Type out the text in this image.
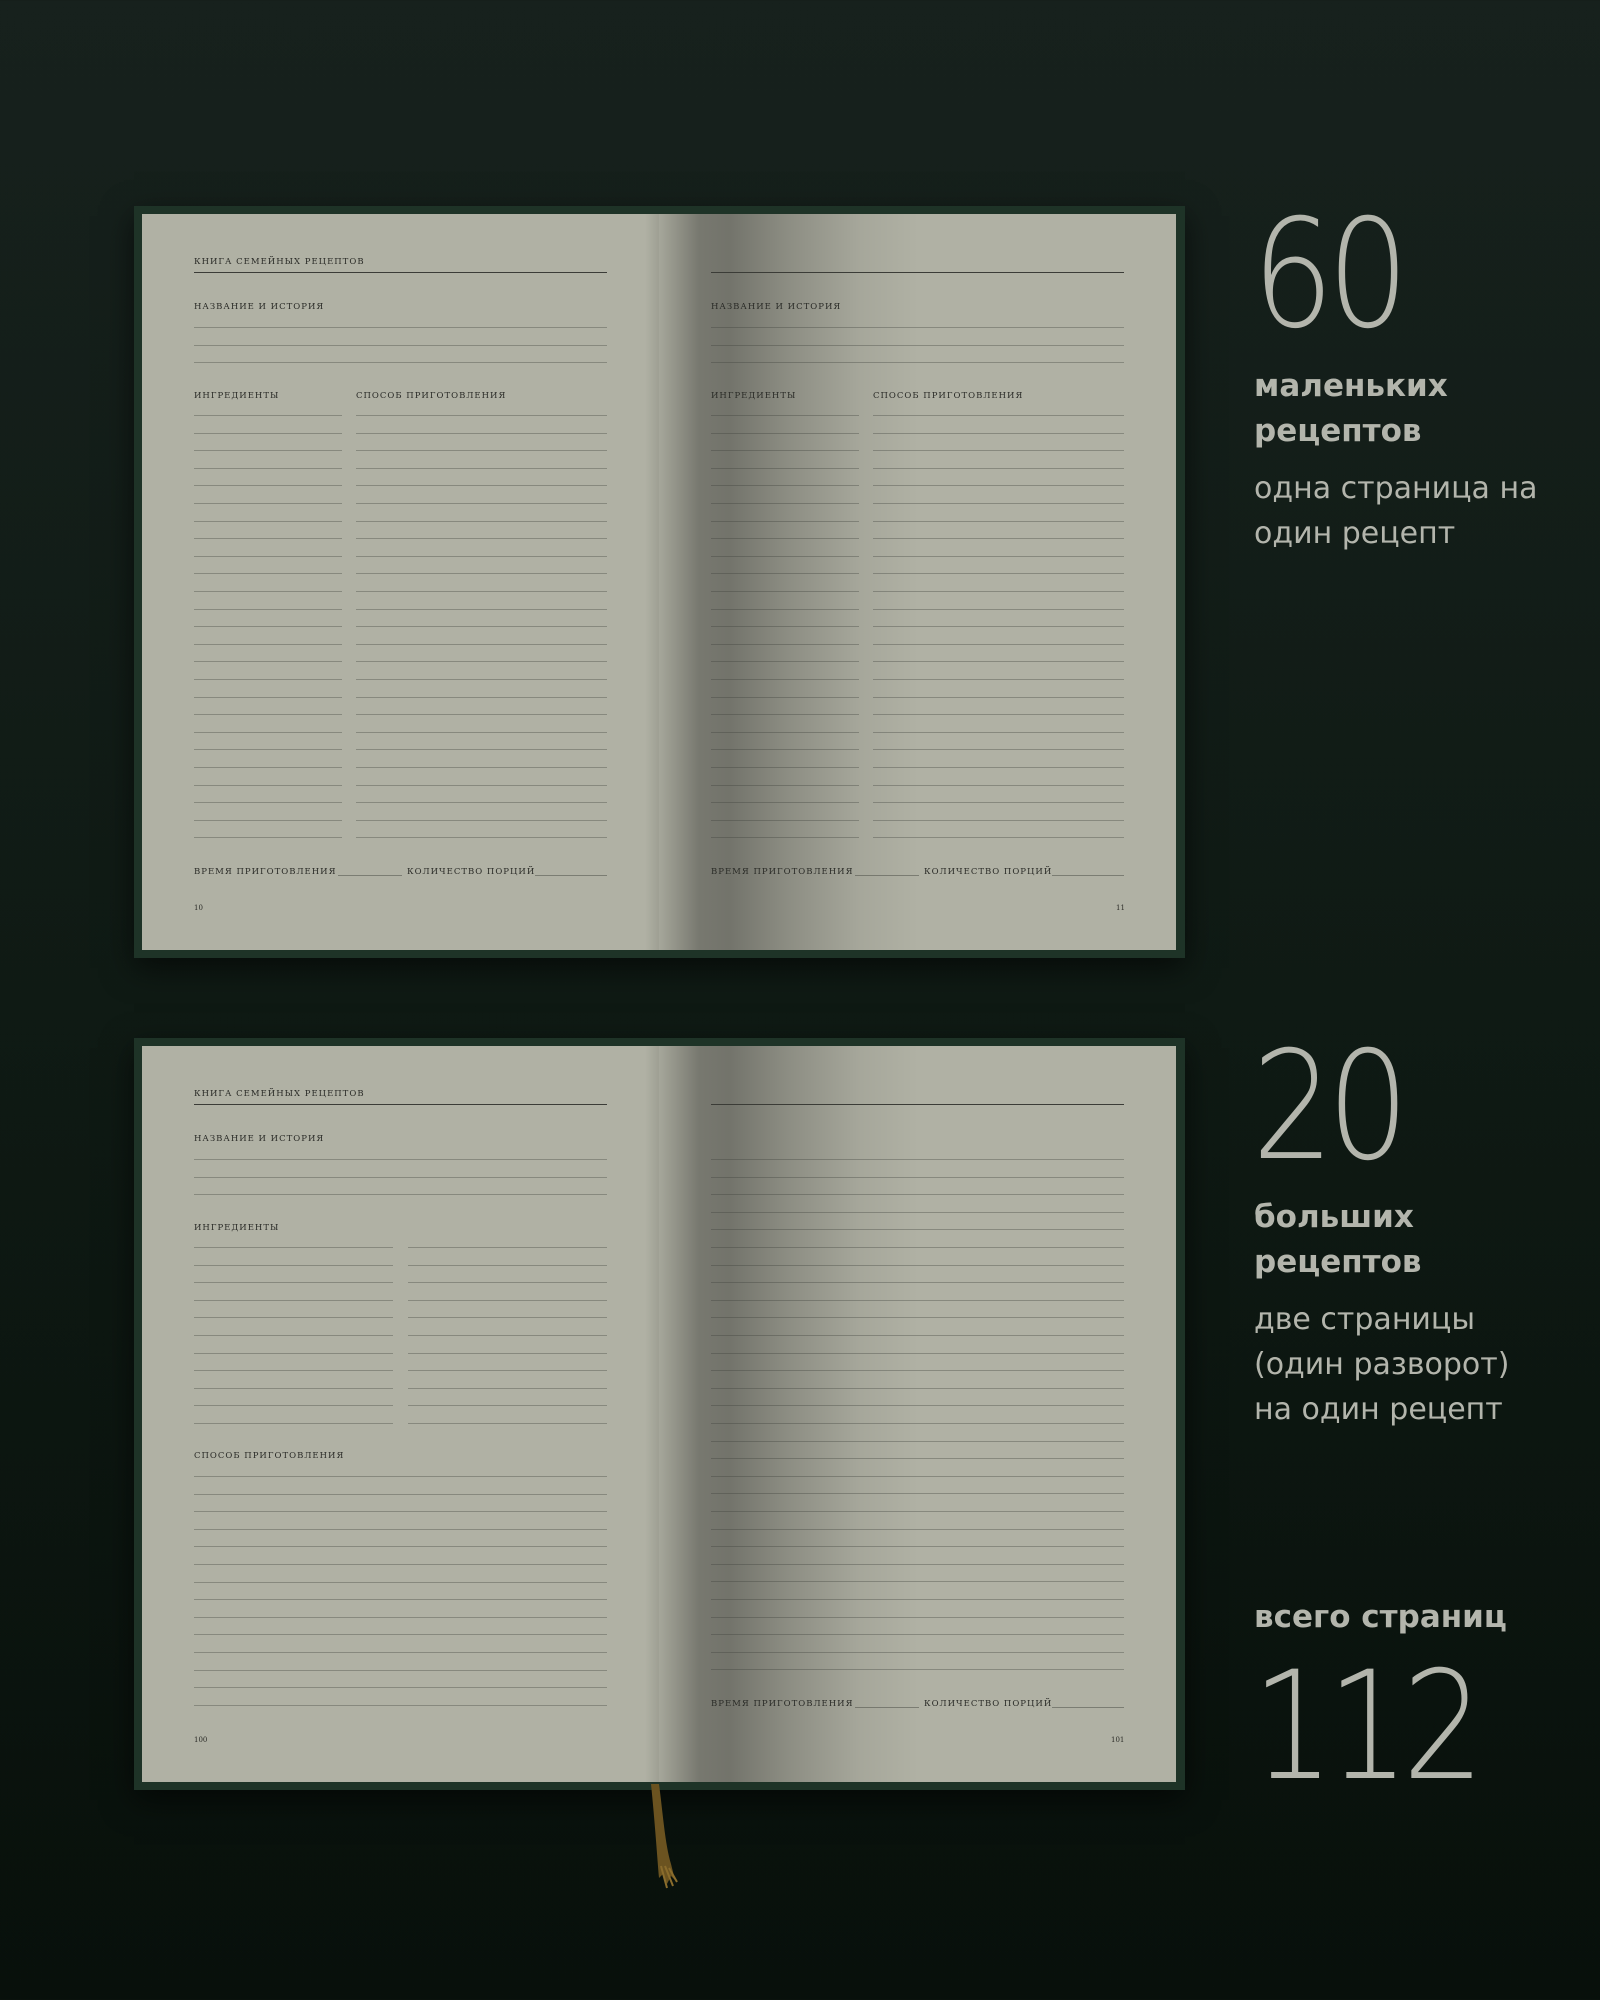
КНИГА СЕМЕЙНЫХ РЕЦЕПТОВ
НАЗВАНИЕ И ИСТОРИЯ
ИНГРЕДИЕНТЫ	СПОСОБ ПРИГОТОВЛЕНИЯ
ВРЕМЯ ПРИГОТОВЛЕНИЯ	КОЛИЧЕСТВО ПОРЦИЙ
10
НАЗВАНИЕ И ИСТОРИЯ
ИНГРЕДИЕНТЫ	СПОСОБ ПРИГОТОВЛЕНИЯ
ВРЕМЯ ПРИГОТОВЛЕНИЯ	КОЛИЧЕСТВО ПОРЦИЙ
11
КНИГА СЕМЕЙНЫХ РЕЦЕПТОВ
НАЗВАНИЕ И ИСТОРИЯ
ИНГРЕДИЕНТЫ
СПОСОБ ПРИГОТОВЛЕНИЯ
100
ВРЕМЯ ПРИГОТОВЛЕНИЯ	КОЛИЧЕСТВО ПОРЦИЙ
101
60
маленьких рецептов
одна страница на один рецепт
20
больших рецептов
две страницы (один разворот) на один рецепт
всего страниц
112
